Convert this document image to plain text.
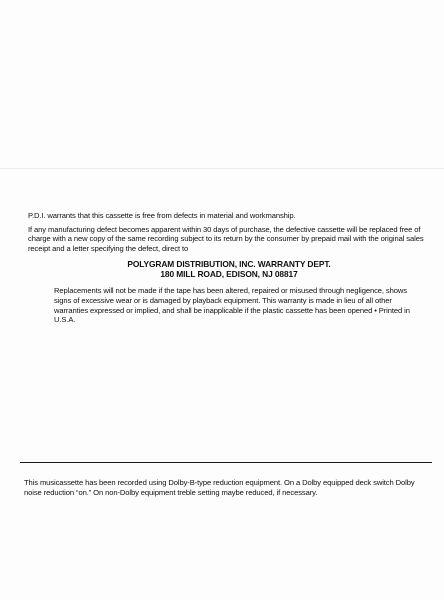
P.D.I. warrants that this cassette is free from defects in material and workmanship.

If any manufacturing defect becomes apparent within 30 days of purchase, the defective cassette will be replaced free of charge with a new copy of the same recording subject to its return by the consumer by prepaid mail with the original sales receipt and a letter specifying the defect, direct to

POLYGRAM DISTRIBUTION, INC. WARRANTY DEPT.
180 MILL ROAD, EDISON, NJ 08817

Replacements will not be made if the tape has been altered, repaired or misused through negligence, shows signs of excessive wear or is damaged by playback equipment. This warranty is made in lieu of all other warranties expressed or implied, and shall be inapplicable if the plastic cassette has been opened • Printed in U.S.A.

This musicassette has been recorded using Dolby-B-type reduction equipment. On a Dolby equipped deck switch Dolby noise reduction “on.” On non-Dolby equipment treble setting maybe reduced, if necessary.
